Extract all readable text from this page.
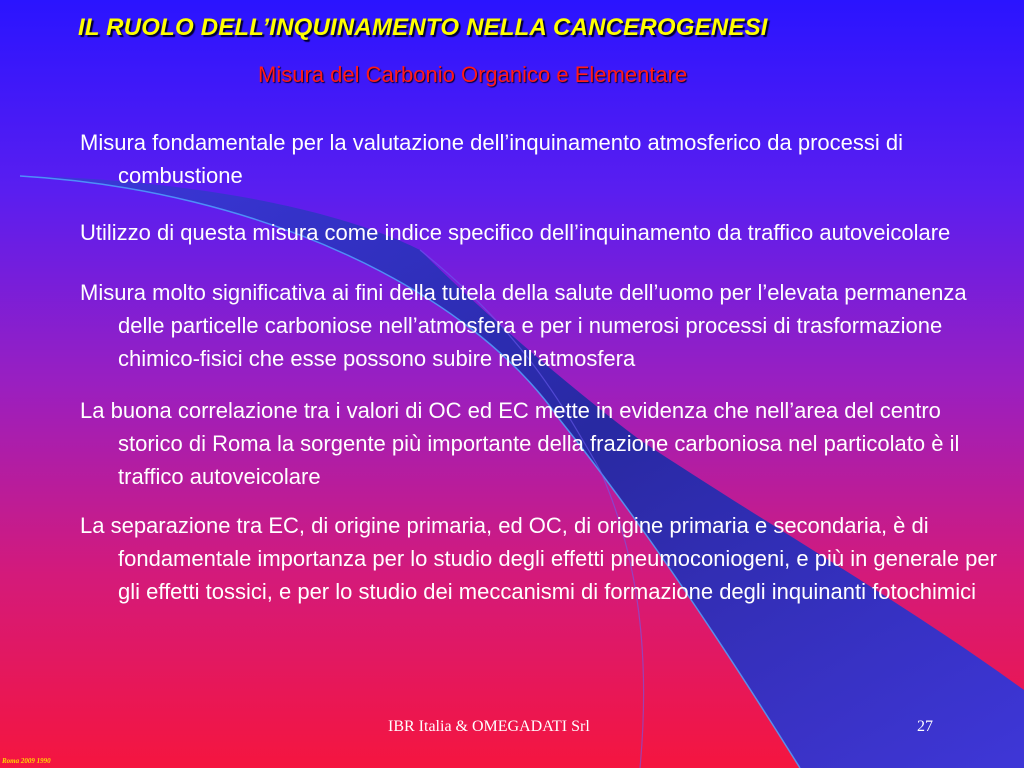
IL RUOLO DELL’INQUINAMENTO NELLA CANCEROGENESI
Misura del Carbonio Organico e Elementare
Misura fondamentale per la valutazione dell’inquinamento atmosferico da processi di combustione
Utilizzo di questa misura come indice specifico dell’inquinamento da traffico autoveicolare
Misura molto significativa ai fini della tutela della salute dell’uomo per l’elevata permanenza delle particelle carboniose nell’atmosfera e per i numerosi processi di trasformazione chimico-fisici che esse possono subire nell’atmosfera
La buona correlazione tra i valori di OC ed EC mette in evidenza che nell’area del centro storico di Roma la sorgente più importante della frazione carboniosa nel particolato è il traffico autoveicolare
La separazione tra EC, di origine primaria, ed OC, di origine primaria e secondaria, è di fondamentale importanza per lo studio degli effetti pneumoconiogeni, e più in generale per gli effetti tossici, e per lo studio dei meccanismi di formazione degli inquinanti fotochimici
IBR Italia & OMEGADATI Srl	27
Roma 2009 1990
